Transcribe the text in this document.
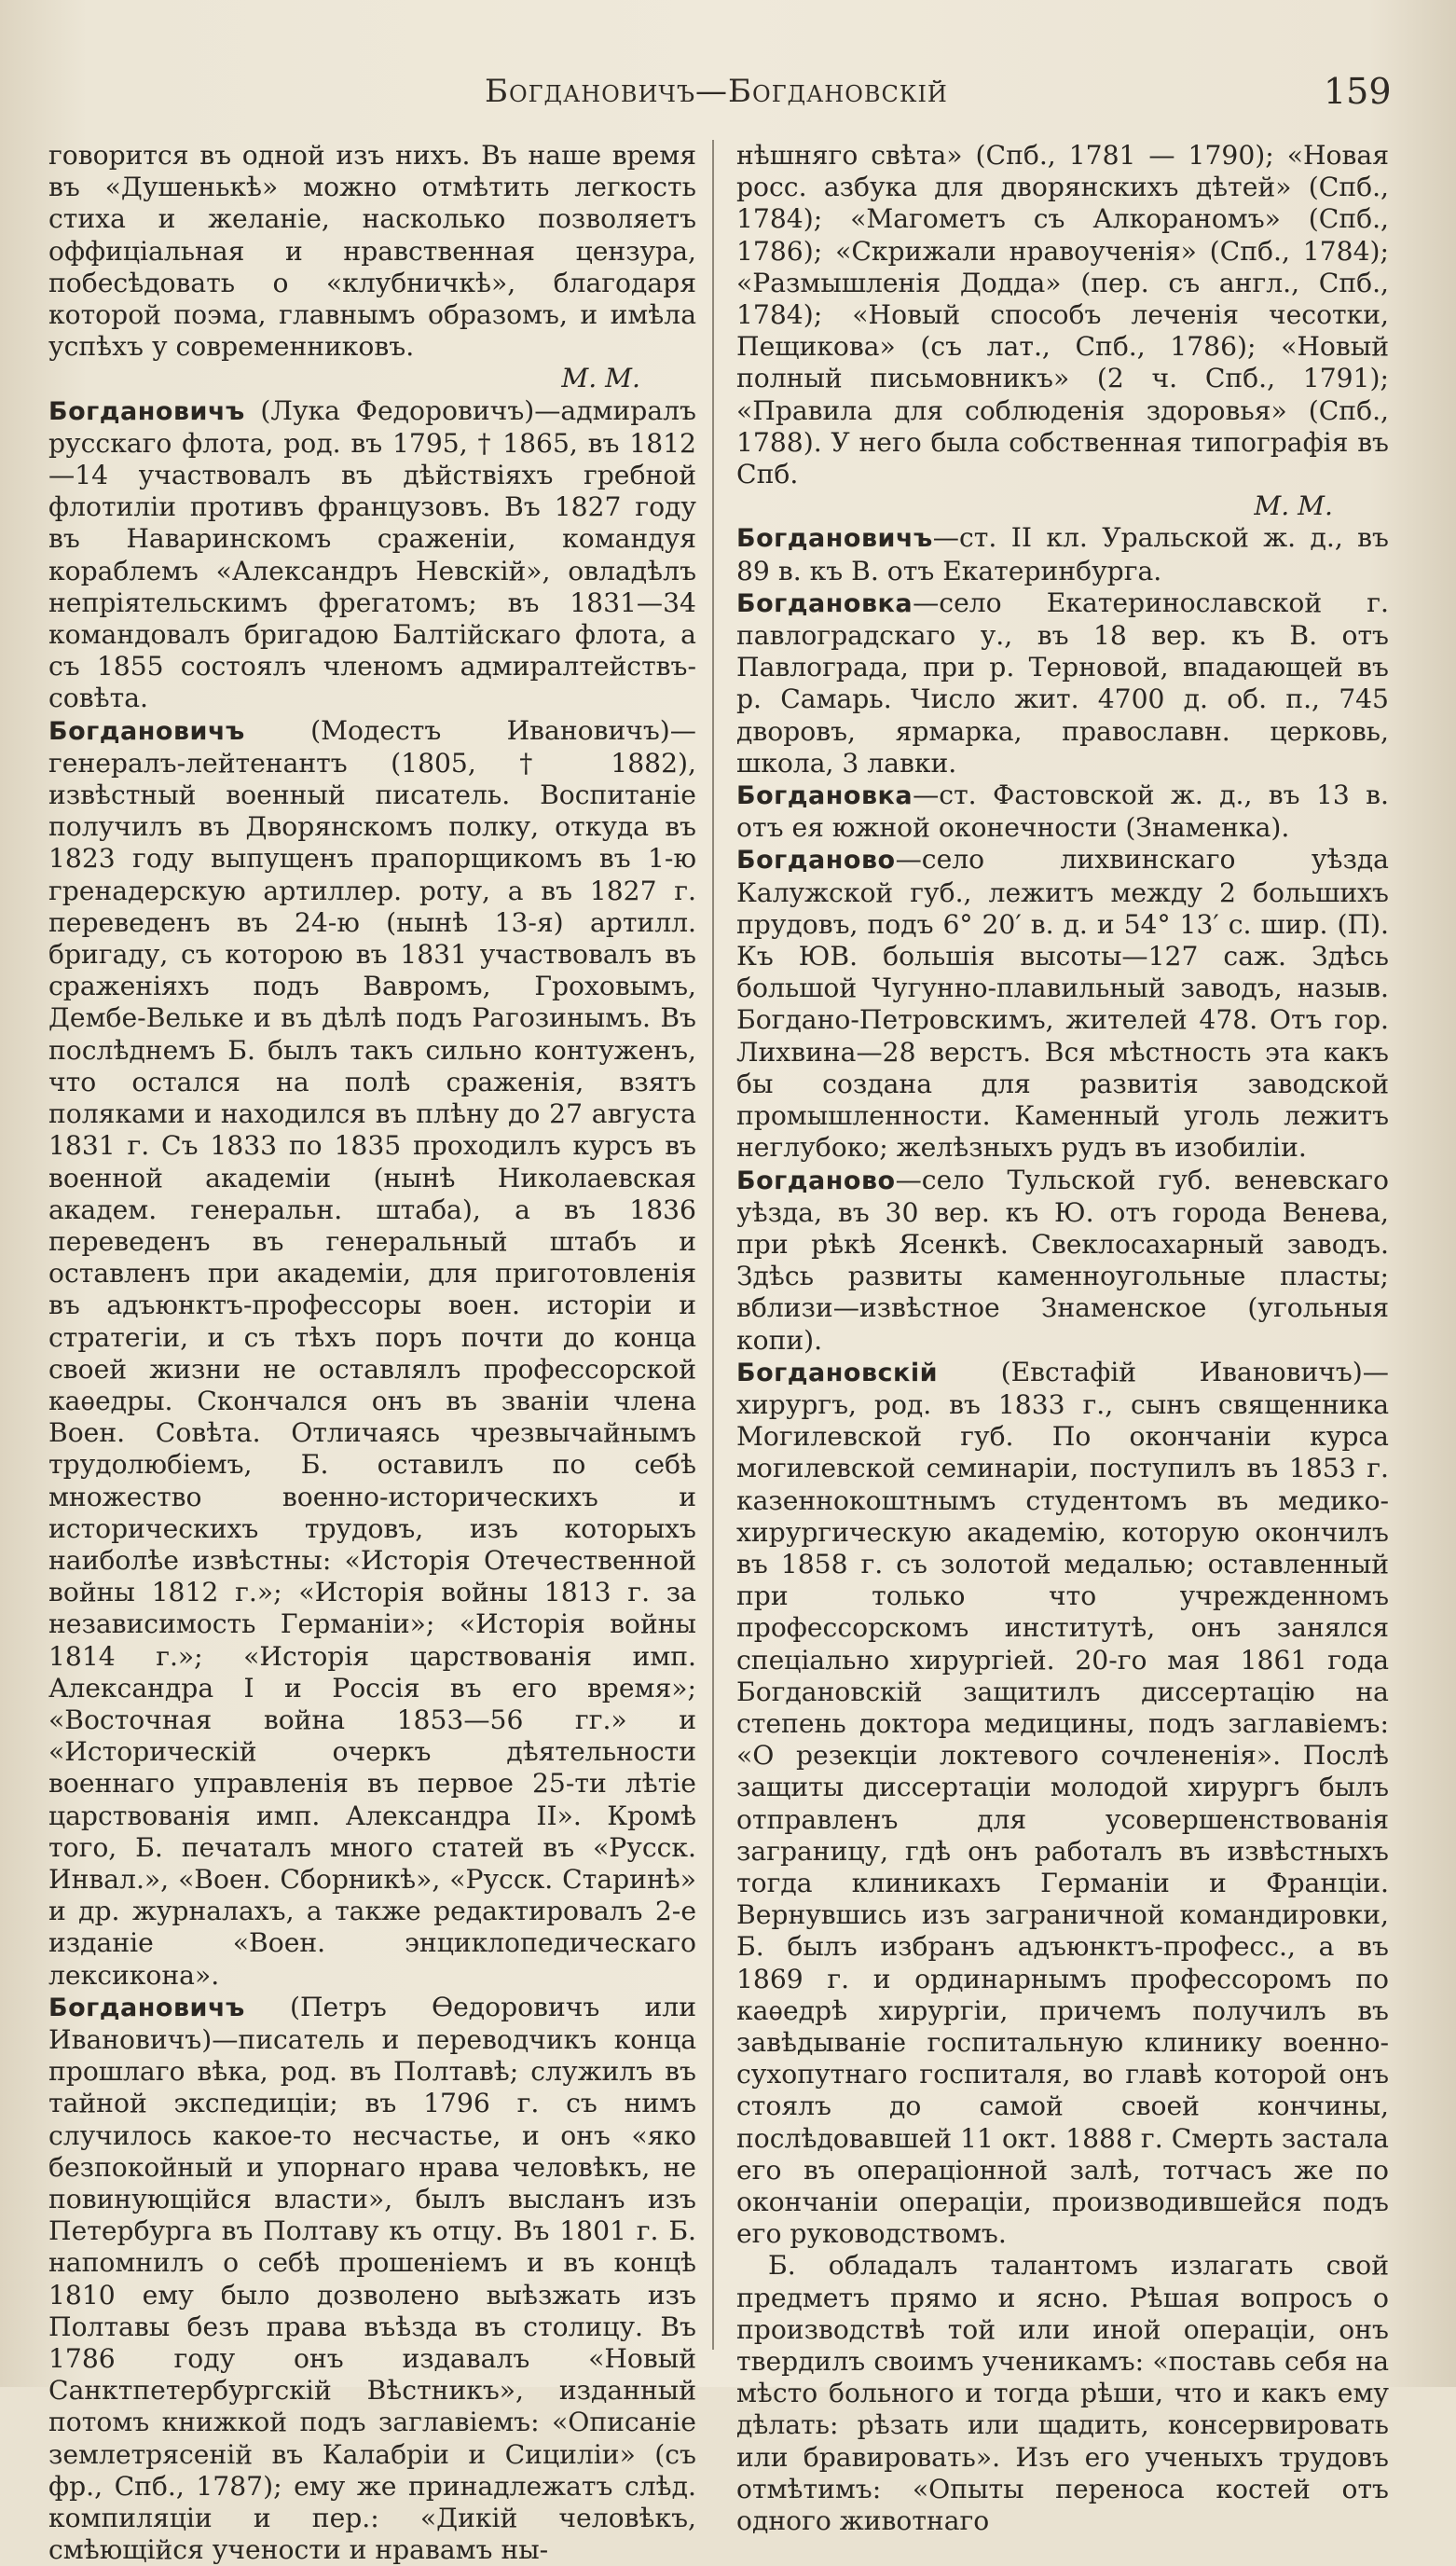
Богдановичъ—Богдановскій	159

говорится въ одной изъ нихъ. Въ наше время въ «Душенькѣ» можно отмѣтить легкость стиха и желаніе, насколько позволяетъ оффиціальная и нравственная цензура, побесѣдовать о «клубничкѣ», благодаря которой поэма, главнымъ образомъ, и имѣла успѣхъ у современниковъ.
М. М.

Богдановичъ (Лука Федоровичъ)—адмиралъ русскаго флота, род. въ 1795, † 1865, въ 1812—14 участвовалъ въ дѣйствіяхъ гребной флотиліи противъ французовъ. Въ 1827 году въ Наваринскомъ сраженіи, командуя кораблемъ «Александръ Невскій», овладѣлъ непріятельскимъ фрегатомъ; въ 1831—34 командовалъ бригадою Балтійскаго флота, а съ 1855 состоялъ членомъ адмиралтействъ-совѣта.

Богдановичъ (Модестъ Ивановичъ)—генералъ-лейтенантъ (1805, † 1882), извѣстный военный писатель. Воспитаніе получилъ въ Дворянскомъ полку, откуда въ 1823 году выпущенъ прапорщикомъ въ 1-ю гренадерскую артиллер. роту, а въ 1827 г. переведенъ въ 24-ю (нынѣ 13-я) артилл. бригаду, съ которою въ 1831 участвовалъ въ сраженіяхъ подъ Ваврoмъ, Гроховымъ, Дембе-Вельке и въ дѣлѣ подъ Рагозинымъ. Въ послѣднемъ Б. былъ такъ сильно контуженъ, что остался на полѣ сраженія, взятъ поляками и находился въ плѣну до 27 августа 1831 г. Съ 1833 по 1835 проходилъ курсъ въ военной академіи (нынѣ Николаевская академ. генеральн. штаба), а въ 1836 переведенъ въ генеральный штабъ и оставленъ при академіи, для приготовленія въ адъюнктъ-профессоры воен. исторіи и стратегіи, и съ тѣхъ поръ почти до конца своей жизни не оставлялъ профессорской каѳедры. Скончался онъ въ званіи члена Воен. Совѣта. Отличаясь чрезвычайнымъ трудолюбіемъ, Б. оставилъ по себѣ множество военно-историческихъ и историческихъ трудовъ, изъ которыхъ наиболѣе извѣстны: «Исторія Отечественной войны 1812 г.»; «Исторія войны 1813 г. за независимость Германіи»; «Исторія войны 1814 г.»; «Исторія царствованія имп. Александра I и Россія въ его время»; «Восточная война 1853—56 гг.» и «Историческій очеркъ дѣятельности военнаго управленія въ первое 25-ти лѣтіе царствованія имп. Александра II». Кромѣ того, Б. печаталъ много статей въ «Русск. Инвал.», «Воен. Сборникѣ», «Русск. Старинѣ» и др. журналахъ, а также редактировалъ 2-е изданіе «Воен. энциклопедическаго лексикона».

Богдановичъ (Петръ Ѳедоровичъ или Ивановичъ)—писатель и переводчикъ конца прошлаго вѣка, род. въ Полтавѣ; служилъ въ тайной экспедиціи; въ 1796 г. съ нимъ случилось какое-то несчастье, и онъ «яко безпокойный и упорнаго нрава человѣкъ, не повинующійся власти», былъ высланъ изъ Петербурга въ Полтаву къ отцу. Въ 1801 г. Б. напомнилъ о себѣ прошеніемъ и въ концѣ 1810 ему было дозволено выѣзжать изъ Полтавы безъ права въѣзда въ столицу. Въ 1786 году онъ издавалъ «Новый Санктпетербургскій Вѣстникъ», изданный потомъ книжкой подъ заглавіемъ: «Описаніе землетрясеній въ Калабріи и Сициліи» (съ фр., Спб., 1787); ему же принадлежатъ слѣд. компиляціи и пер.: «Дикій человѣкъ, смѣющійся учености и нравамъ ны-

нѣшняго свѣта» (Спб., 1781 — 1790); «Новая росс. азбука для дворянскихъ дѣтей» (Спб., 1784); «Магометъ съ Алкораномъ» (Спб., 1786); «Скрижали нравоученія» (Спб., 1784); «Размышленія Додда» (пер. съ англ., Спб., 1784); «Новый способъ леченія чесотки, Пещикова» (съ лат., Спб., 1786); «Новый полный письмовникъ» (2 ч. Спб., 1791); «Правила для соблюденія здоровья» (Спб., 1788). У него была собственная типографія въ Спб.
М. М.

Богдановичъ—ст. II кл. Уральской ж. д., въ 89 в. къ В. отъ Екатеринбурга.

Богдановка—село Екатеринославской г. павлоградскаго у., въ 18 вер. къ В. отъ Павлограда, при р. Терновой, впадающей въ р. Самарь. Число жит. 4700 д. об. п., 745 дворовъ, ярмарка, православн. церковь, школа, 3 лавки.

Богдановка—ст. Фастовской ж. д., въ 13 в. отъ ея южной оконечности (Знаменка).

Богданово—село лихвинскаго уѣзда Калужской губ., лежитъ между 2 большихъ прудовъ, подъ 6° 20′ в. д. и 54° 13′ с. шир. (П). Къ ЮВ. большія высоты—127 саж. Здѣсь большой Чугунно-плавильный заводъ, назыв. Богдано-Петровскимъ, жителей 478. Отъ гор. Лихвина—28 верстъ. Вся мѣстность эта какъ бы создана для развитія заводской промышленности. Каменный уголь лежитъ неглубоко; желѣзныхъ рудъ въ изобиліи.

Богданово—село Тульской губ. веневскаго уѣзда, въ 30 вер. къ Ю. отъ города Венева, при рѣкѣ Ясенкѣ. Свеклосахарный заводъ. Здѣсь развиты каменноугольные пласты; вблизи—извѣстное Знаменское (угольныя копи).

Богдановскій (Евстафій Ивановичъ)—хирургъ, род. въ 1833 г., сынъ священника Могилевской губ. По окончаніи курса могилевской семинаріи, поступилъ въ 1853 г. казеннокоштнымъ студентомъ въ медико-хирургическую академію, которую окончилъ въ 1858 г. съ золотой медалью; оставленный при только что учрежденномъ профессорскомъ институтѣ, онъ занялся спеціально хирургіей. 20-го мая 1861 года Богдановскій защитилъ диссертацію на степень доктора медицины, подъ заглавіемъ: «О резекціи локтевого сочлененія». Послѣ защиты диссертаціи молодой хирургъ былъ отправленъ для усовершенствованія заграницу, гдѣ онъ работалъ въ извѣстныхъ тогда клиникахъ Германіи и Франціи. Вернувшись изъ заграничной командировки, Б. былъ избранъ адъюнктъ-професс., а въ 1869 г. и ординарнымъ профессоромъ по каѳедрѣ хирургіи, причемъ получилъ въ завѣдываніе госпитальную клинику военно-сухопутнаго госпиталя, во главѣ которой онъ стоялъ до самой своей кончины, послѣдовавшей 11 окт. 1888 г. Смерть застала его въ операціонной залѣ, тотчасъ же по окончаніи операціи, производившейся подъ его руководствомъ.

Б. обладалъ талантомъ излагать свой предметъ прямо и ясно. Рѣшая вопросъ о производствѣ той или иной операціи, онъ твердилъ своимъ ученикамъ: «поставь себя на мѣсто больного и тогда рѣши, что и какъ ему дѣлать: рѣзать или щадить, консервировать или бравировать». Изъ его ученыхъ трудовъ отмѣтимъ: «Опыты переноса костей отъ одного животнаго
